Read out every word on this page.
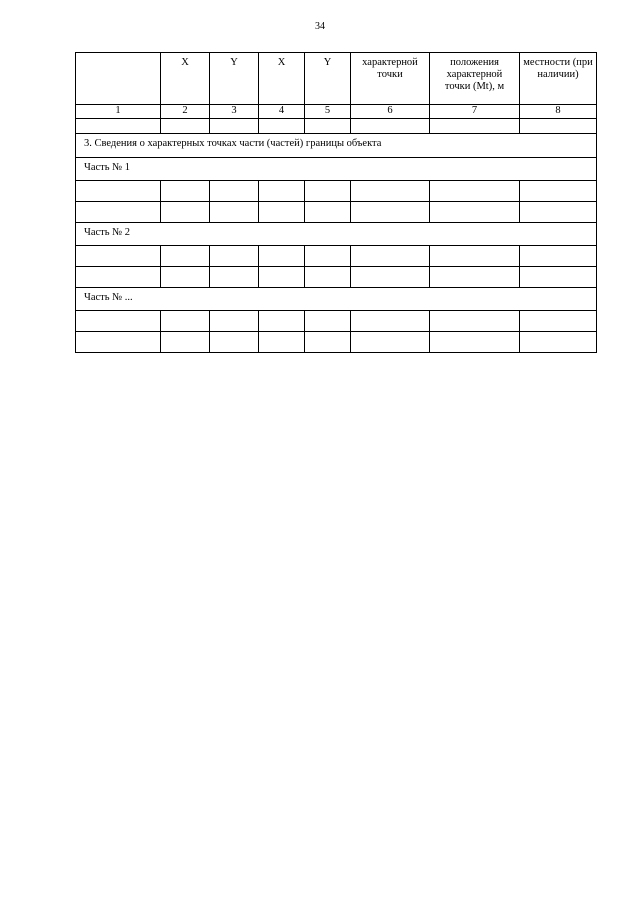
34
	X	Y	X	Y	характерной точки	положения характерной точки (Mt), м	местности (при наличии)
1	2	3	4	5	6	7	8

3. Сведения о характерных точках части (частей) границы объекта							
Часть № 1							

Часть № 2							

Часть № ...							
